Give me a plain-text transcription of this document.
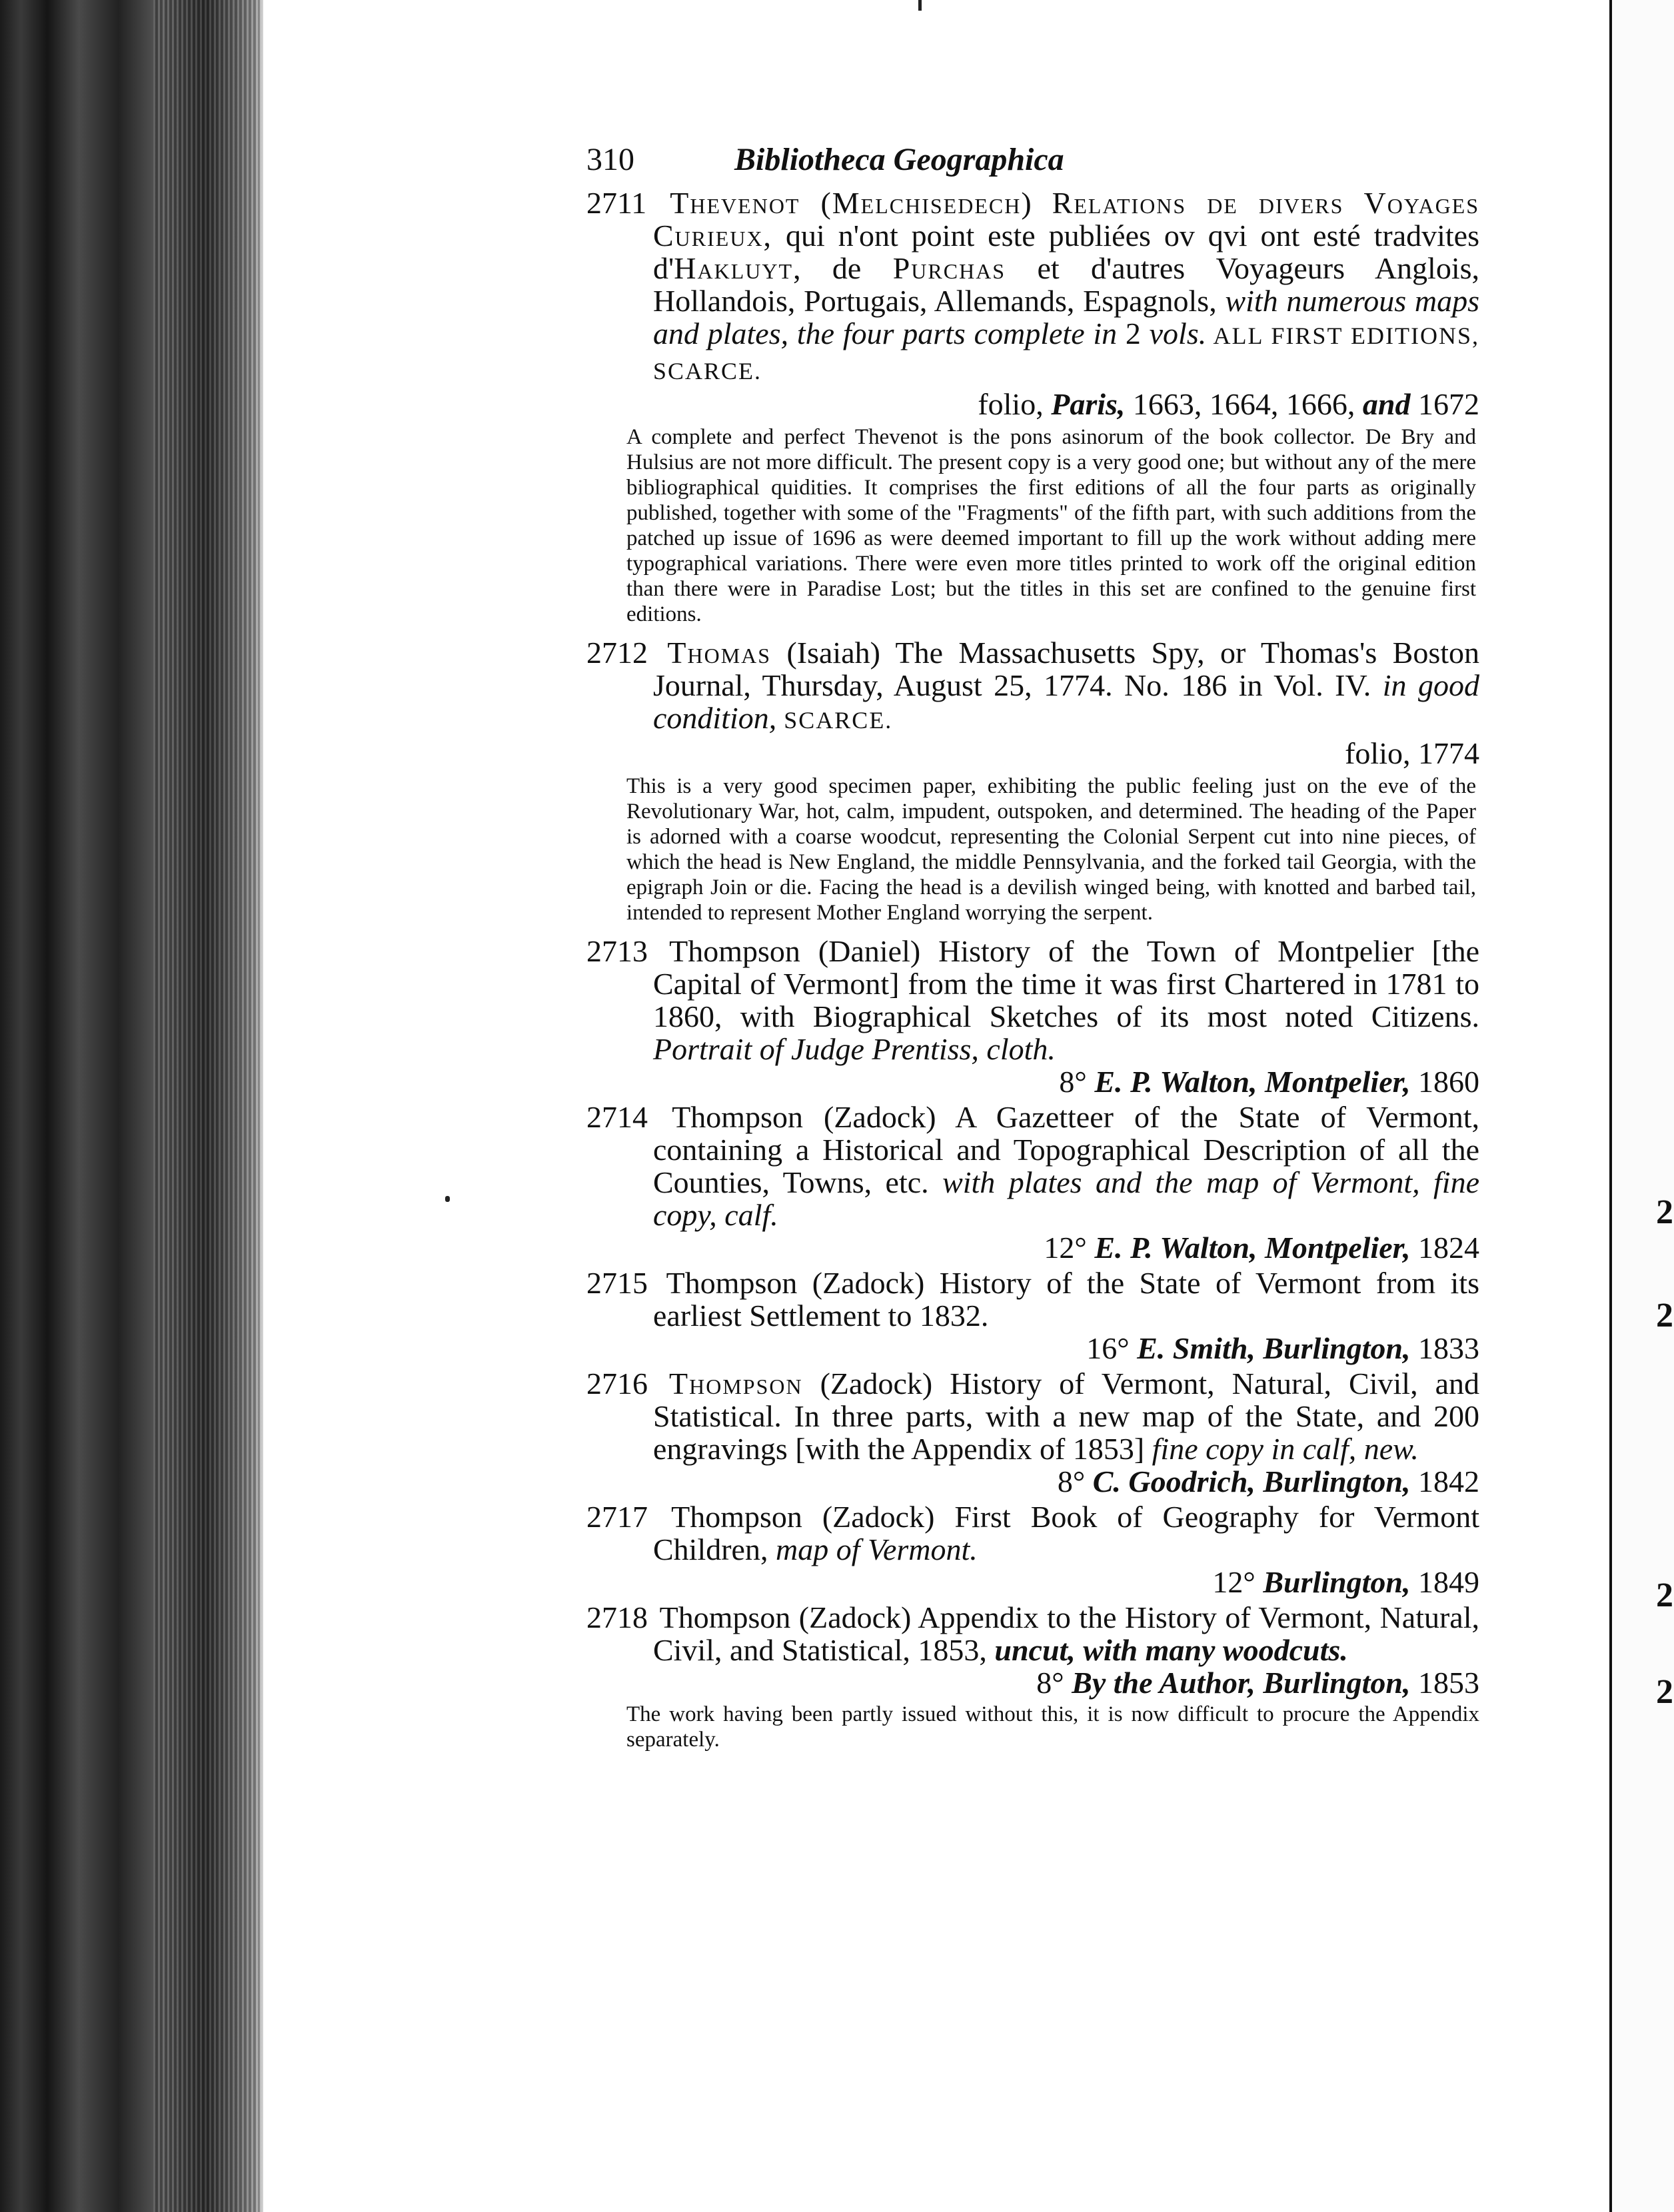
2
2
2
2
310	Bibliotheca Geographica
2711 Thevenot (Melchisedech) Relations de divers Voyages Curieux, qui n'ont point este publiées ov qvi ont esté tradvites d'Hakluyt, de Purchas et d'autres Voyageurs Anglois, Hollandois, Portugais, Allemands, Espagnols, with numerous maps and plates, the four parts complete in 2 vols. ALL FIRST EDITIONS, SCARCE.
folio, Paris, 1663, 1664, 1666, and 1672
A complete and perfect Thevenot is the pons asinorum of the book collector. De Bry and Hulsius are not more difficult. The present copy is a very good one; but without any of the mere bibliographical quidities. It comprises the first editions of all the four parts as originally published, together with some of the "Fragments" of the fifth part, with such additions from the patched up issue of 1696 as were deemed important to fill up the work without adding mere typographical variations. There were even more titles printed to work off the original edition than there were in Paradise Lost; but the titles in this set are confined to the genuine first editions.
2712 Thomas (Isaiah) The Massachusetts Spy, or Thomas's Boston Journal, Thursday, August 25, 1774. No. 186 in Vol. IV. in good condition, SCARCE.
folio, 1774
This is a very good specimen paper, exhibiting the public feeling just on the eve of the Revolutionary War, hot, calm, impudent, outspoken, and determined. The heading of the Paper is adorned with a coarse woodcut, representing the Colonial Serpent cut into nine pieces, of which the head is New England, the middle Pennsylvania, and the forked tail Georgia, with the epigraph Join or die. Facing the head is a devilish winged being, with knotted and barbed tail, intended to represent Mother England worrying the serpent.
2713 Thompson (Daniel) History of the Town of Montpelier [the Capital of Vermont] from the time it was first Chartered in 1781 to 1860, with Biographical Sketches of its most noted Citizens. Portrait of Judge Prentiss, cloth.
8° E. P. Walton, Montpelier, 1860
2714 Thompson (Zadock) A Gazetteer of the State of Vermont, containing a Historical and Topographical Description of all the Counties, Towns, etc. with plates and the map of Vermont, fine copy, calf.
12° E. P. Walton, Montpelier, 1824
2715 Thompson (Zadock) History of the State of Vermont from its earliest Settlement to 1832.
16° E. Smith, Burlington, 1833
2716 Thompson (Zadock) History of Vermont, Natural, Civil, and Statistical. In three parts, with a new map of the State, and 200 engravings [with the Appendix of 1853] fine copy in calf, new.
8° C. Goodrich, Burlington, 1842
2717 Thompson (Zadock) First Book of Geography for Vermont Children, map of Vermont.
12° Burlington, 1849
2718 Thompson (Zadock) Appendix to the History of Vermont, Natural, Civil, and Statistical, 1853, uncut, with many woodcuts.
8° By the Author, Burlington, 1853
The work having been partly issued without this, it is now difficult to procure the Appendix separately.
